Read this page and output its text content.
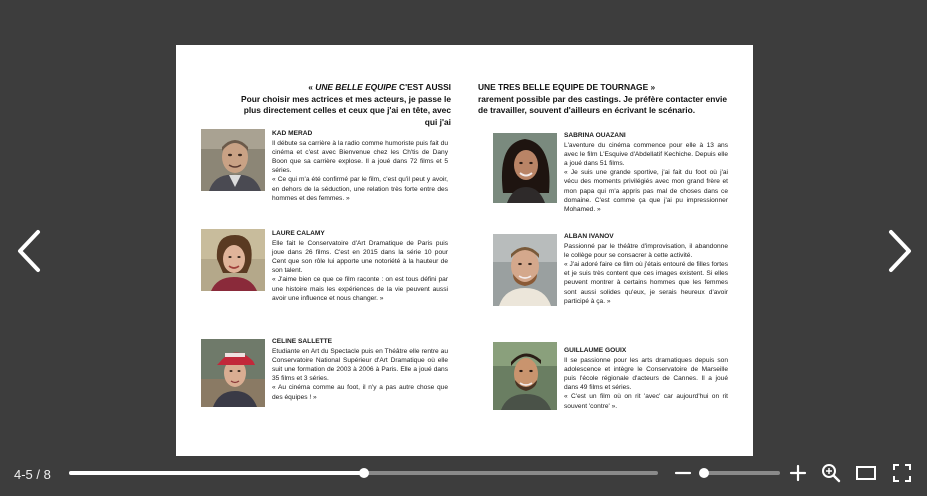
« UNE BELLE EQUIPE C'EST AUSSI
Pour choisir mes actrices et mes acteurs, je passe le plus directement celles et ceux que j'ai en tête, avec qui j'ai
UNE TRES BELLE EQUIPE DE TOURNAGE »
rarement possible par des castings. Je préfère contacter envie de travailler, souvent d'ailleurs en écrivant le scénario.
KAD MERAD

Il débute sa carrière à la radio comme humoriste puis fait du cinéma et c'est avec Bienvenue chez les Ch'tis de Dany Boon que sa carrière explose. Il a joué dans 72 films et 5 séries.

« Ce qui m'a été confirmé par le film, c'est qu'il peut y avoir, en dehors de la séduction, une relation très forte entre des hommes et des femmes. »

LAURE CALAMY

Elle fait le Conservatoire d'Art Dramatique de Paris puis joue dans 26 films. C'est en 2015 dans la série 10 pour Cent que son rôle lui apporte une notoriété à la hauteur de son talent.

« J'aime bien ce que ce film raconte : on est tous défini par une histoire mais les expériences de la vie peuvent aussi avoir une influence et nous changer. »

CELINE SALLETTE

Etudiante en Art du Spectacle puis en Théâtre elle rentre au Conservatoire National Supérieur d'Art Dramatique où elle suit une formation de 2003 à 2006 à Paris. Elle a joué dans 35 films et 3 séries.

« Au cinéma comme au foot, il n'y a pas autre chose que des équipes ! »

SABRINA OUAZANI

L'aventure du cinéma commence pour elle à 13 ans avec le film L'Esquive d'Abdellatif Kechiche. Depuis elle a joué dans 51 films.

« Je suis une grande sportive, j'ai fait du foot où j'ai vécu des moments privilégiés avec mon grand frère et mon papa qui m'a appris pas mal de choses dans ce domaine. C'est comme ça que j'ai pu impressionner Mohamed. »

ALBAN IVANOV

Passionné par le théâtre d'improvisation, il abandonne le collège pour se consacrer à cette activité.

« J'ai adoré faire ce film où j'étais entouré de filles fortes et je suis très content que ces images existent. Si elles peuvent montrer à certains hommes que les femmes sont aussi solides qu'eux, je serais heureux d'avoir participé à ça. »

GUILLAUME GOUIX

Il se passionne pour les arts dramatiques depuis son adolescence et intègre le Conservatoire de Marseille puis l'école régionale d'acteurs de Cannes. Il a joué dans 49 films et séries.

« C'est un film où on rit 'avec' car aujourd'hui on rit souvent 'contre' ».

4-5 / 8
